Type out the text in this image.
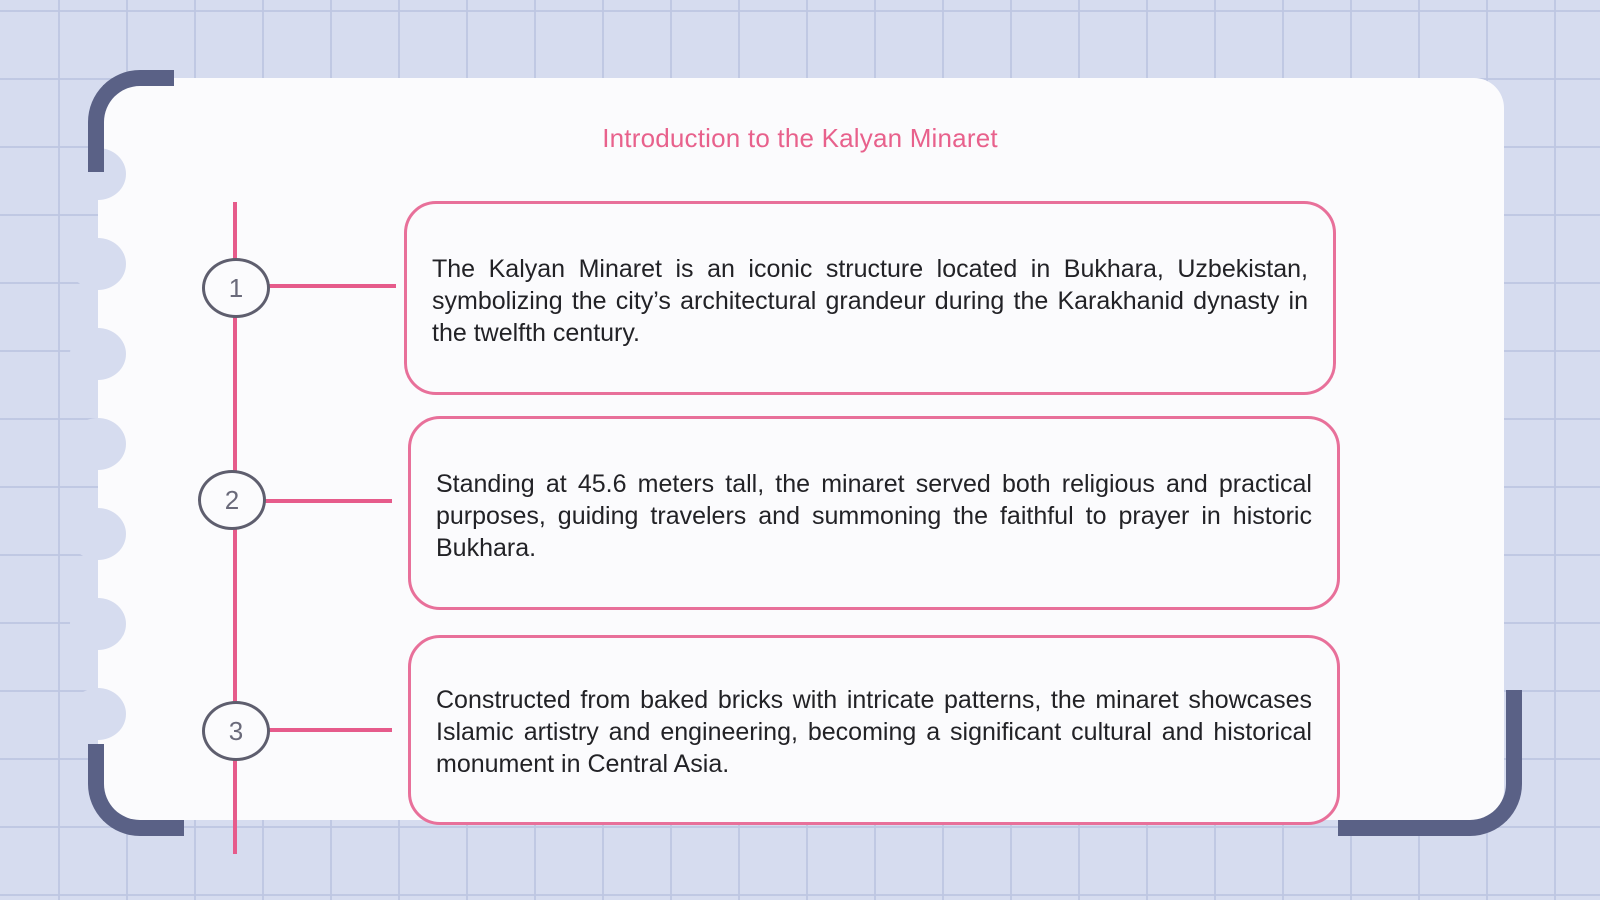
Introduction to the Kalyan Minaret
1

The Kalyan Minaret is an iconic structure located in Bukhara, Uzbekistan, symbolizing the city’s architectural grandeur during the Karakhanid dynasty in the twelfth century.

2

Standing at 45.6 meters tall, the minaret served both religious and practical purposes, guiding travelers and summoning the faithful to prayer in historic Bukhara.

3

Constructed from baked bricks with intricate patterns, the minaret showcases Islamic artistry and engineering, becoming a significant cultural and historical monument in Central Asia.
